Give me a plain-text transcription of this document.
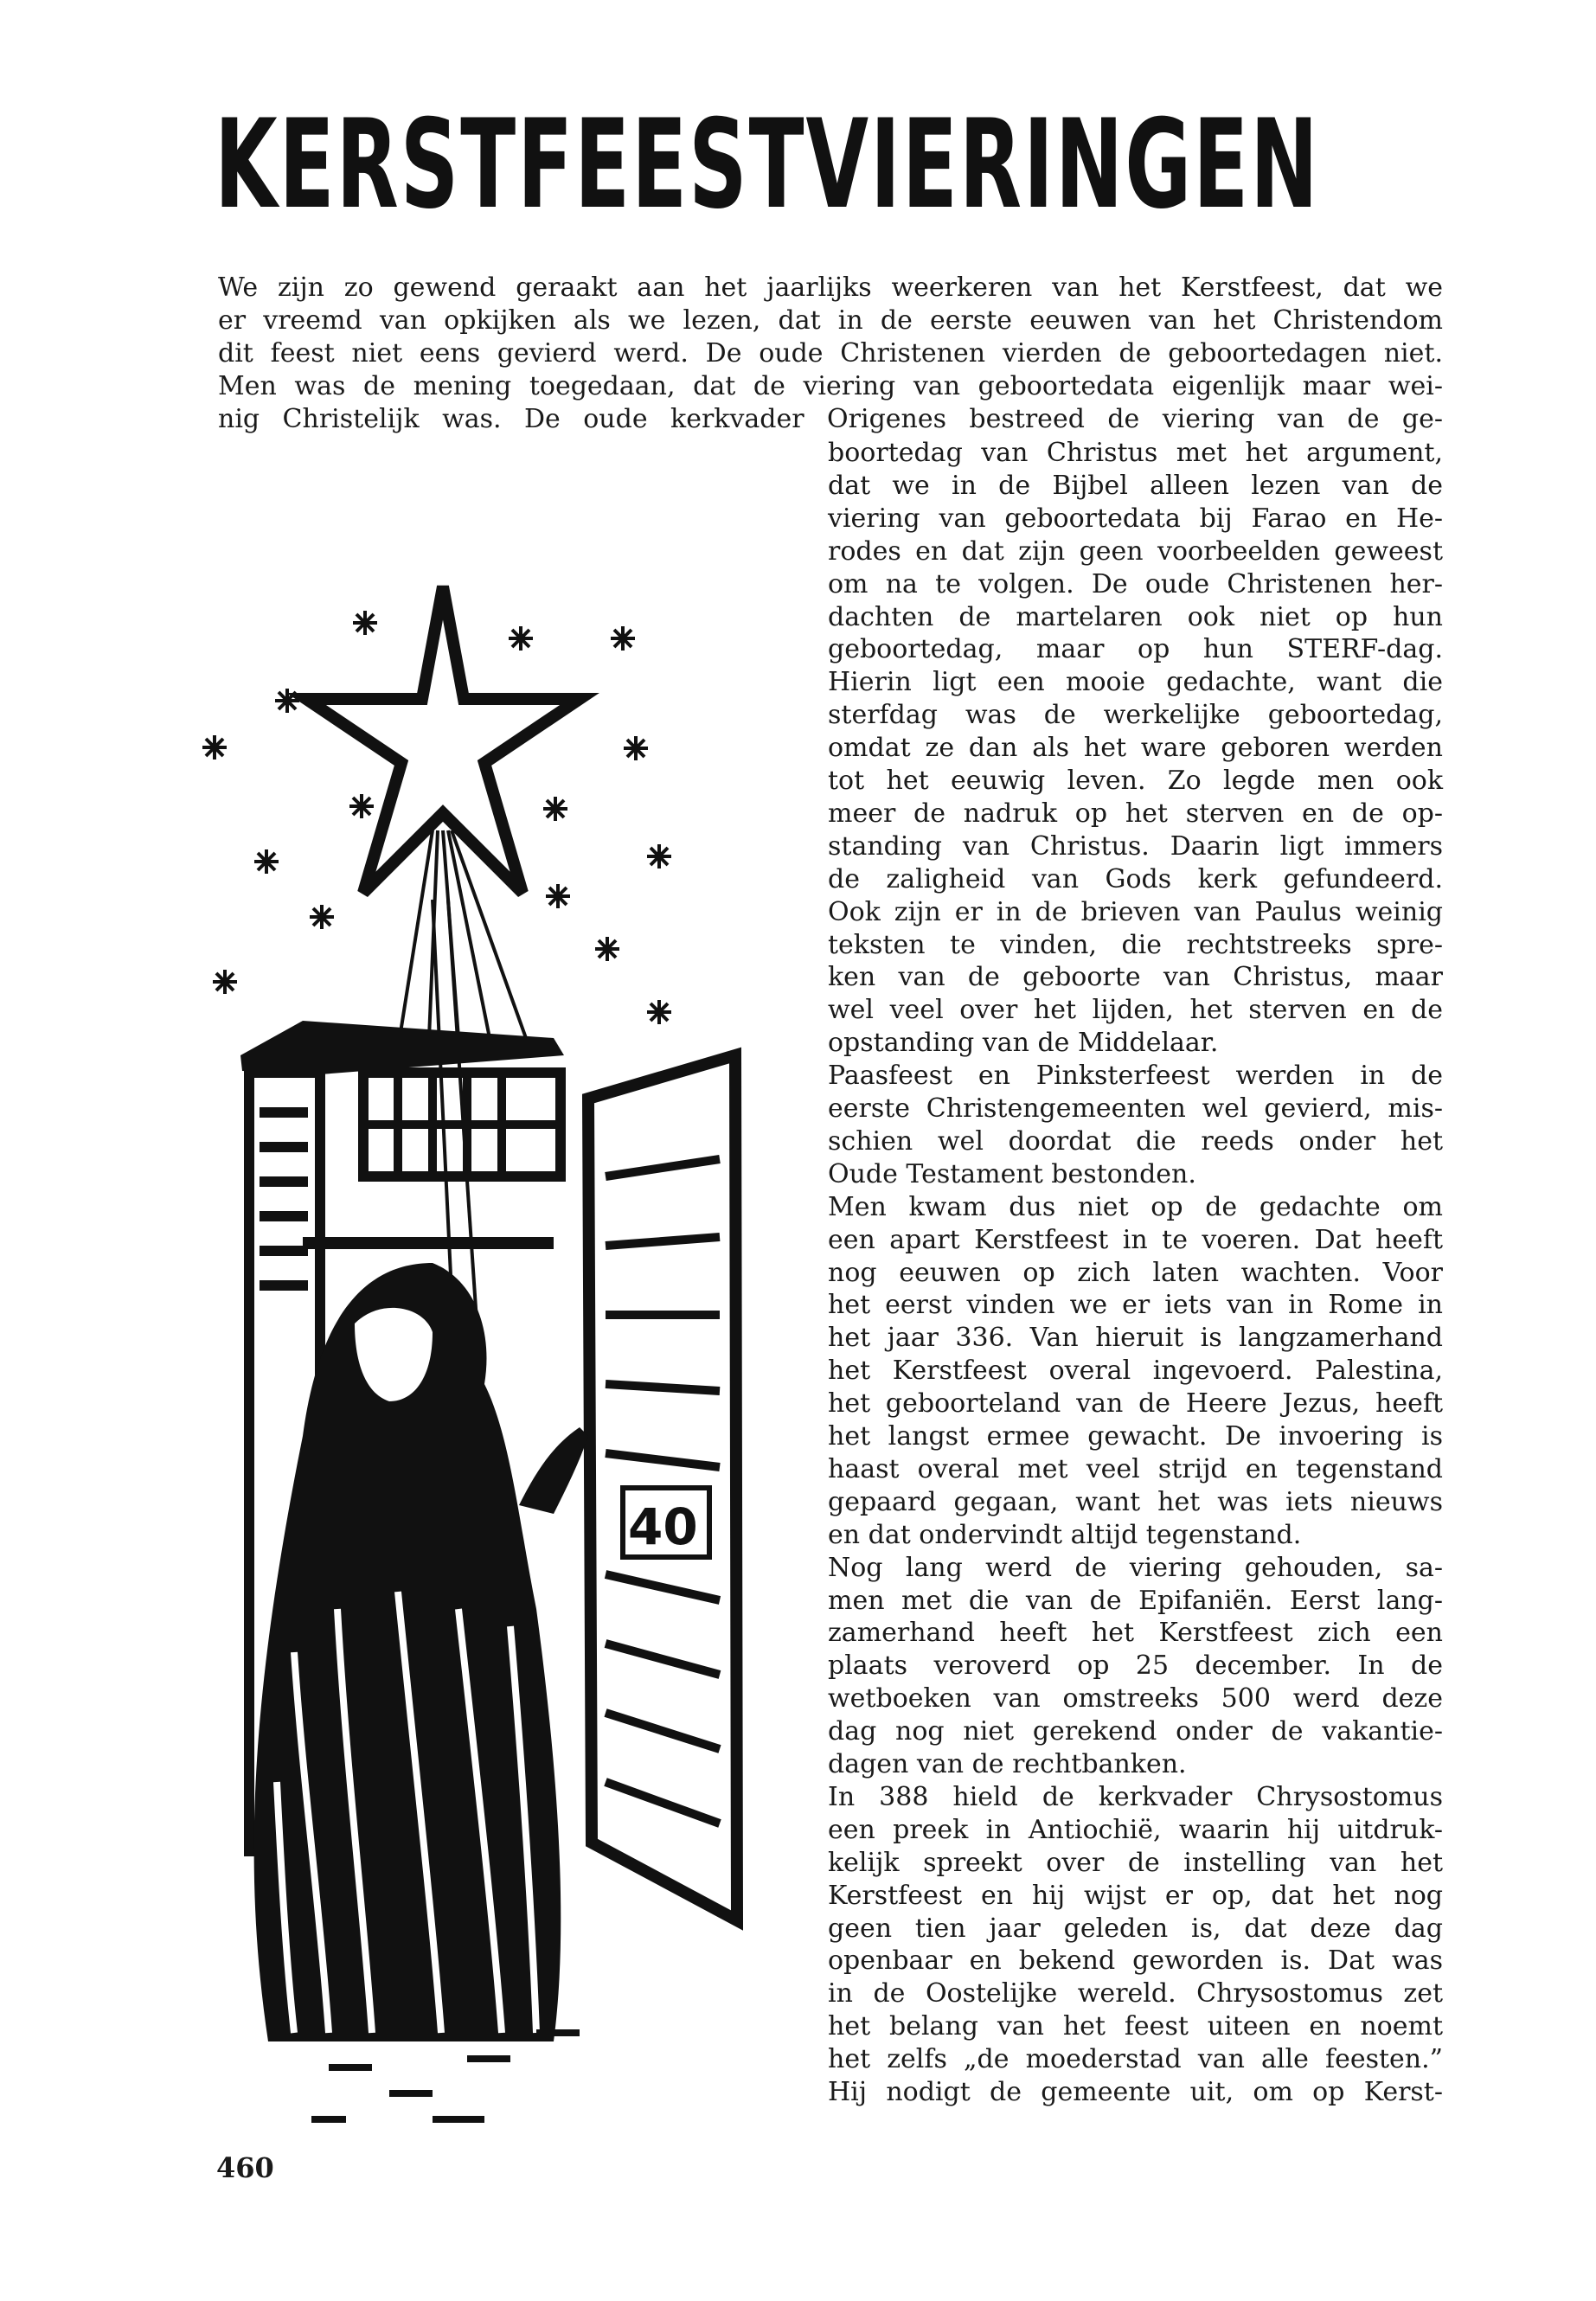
KERSTFEESTVIERINGEN
We zijn zo gewend geraakt aan het jaarlijks weerkeren van het Kerstfeest, dat we
er vreemd van opkijken als we lezen, dat in de eerste eeuwen van het Christendom
dit feest niet eens gevierd werd. De oude Christenen vierden de geboortedagen niet.
Men was de mening toegedaan, dat de viering van geboortedata eigenlijk maar wei-
nig Christelijk was. De oude kerkvader Origenes bestreed de viering van de ge-
boortedag van Christus met het argument,
dat we in de Bijbel alleen lezen van de
viering van geboortedata bij Farao en He-
rodes en dat zijn geen voorbeelden geweest
om na te volgen. De oude Christenen her-
dachten de martelaren ook niet op hun
geboortedag, maar op hun STERF-dag.
Hierin ligt een mooie gedachte, want die
sterfdag was de werkelijke geboortedag,
omdat ze dan als het ware geboren werden
tot het eeuwig leven. Zo legde men ook
meer de nadruk op het sterven en de op-
standing van Christus. Daarin ligt immers
de zaligheid van Gods kerk gefundeerd.
Ook zijn er in de brieven van Paulus weinig
teksten te vinden, die rechtstreeks spre-
ken van de geboorte van Christus, maar
wel veel over het lijden, het sterven en de
opstanding van de Middelaar.
Paasfeest en Pinksterfeest werden in de
eerste Christengemeenten wel gevierd, mis-
schien wel doordat die reeds onder het
Oude Testament bestonden.
Men kwam dus niet op de gedachte om
een apart Kerstfeest in te voeren. Dat heeft
nog eeuwen op zich laten wachten. Voor
het eerst vinden we er iets van in Rome in
het jaar 336. Van hieruit is langzamerhand
het Kerstfeest overal ingevoerd. Palestina,
het geboorteland van de Heere Jezus, heeft
het langst ermee gewacht. De invoering is
haast overal met veel strijd en tegenstand
gepaard gegaan, want het was iets nieuws
en dat ondervindt altijd tegenstand.
Nog lang werd de viering gehouden, sa-
men met die van de Epifaniën. Eerst lang-
zamerhand heeft het Kerstfeest zich een
plaats veroverd op 25 december. In de
wetboeken van omstreeks 500 werd deze
dag nog niet gerekend onder de vakantie-
dagen van de rechtbanken.
In 388 hield de kerkvader Chrysostomus
een preek in Antiochië, waarin hij uitdruk-
kelijk spreekt over de instelling van het
Kerstfeest en hij wijst er op, dat het nog
geen tien jaar geleden is, dat deze dag
openbaar en bekend geworden is. Dat was
in de Oostelijke wereld. Chrysostomus zet
het belang van het feest uiteen en noemt
het zelfs „de moederstad van alle feesten.”
Hij nodigt de gemeente uit, om op Kerst-
40
460
